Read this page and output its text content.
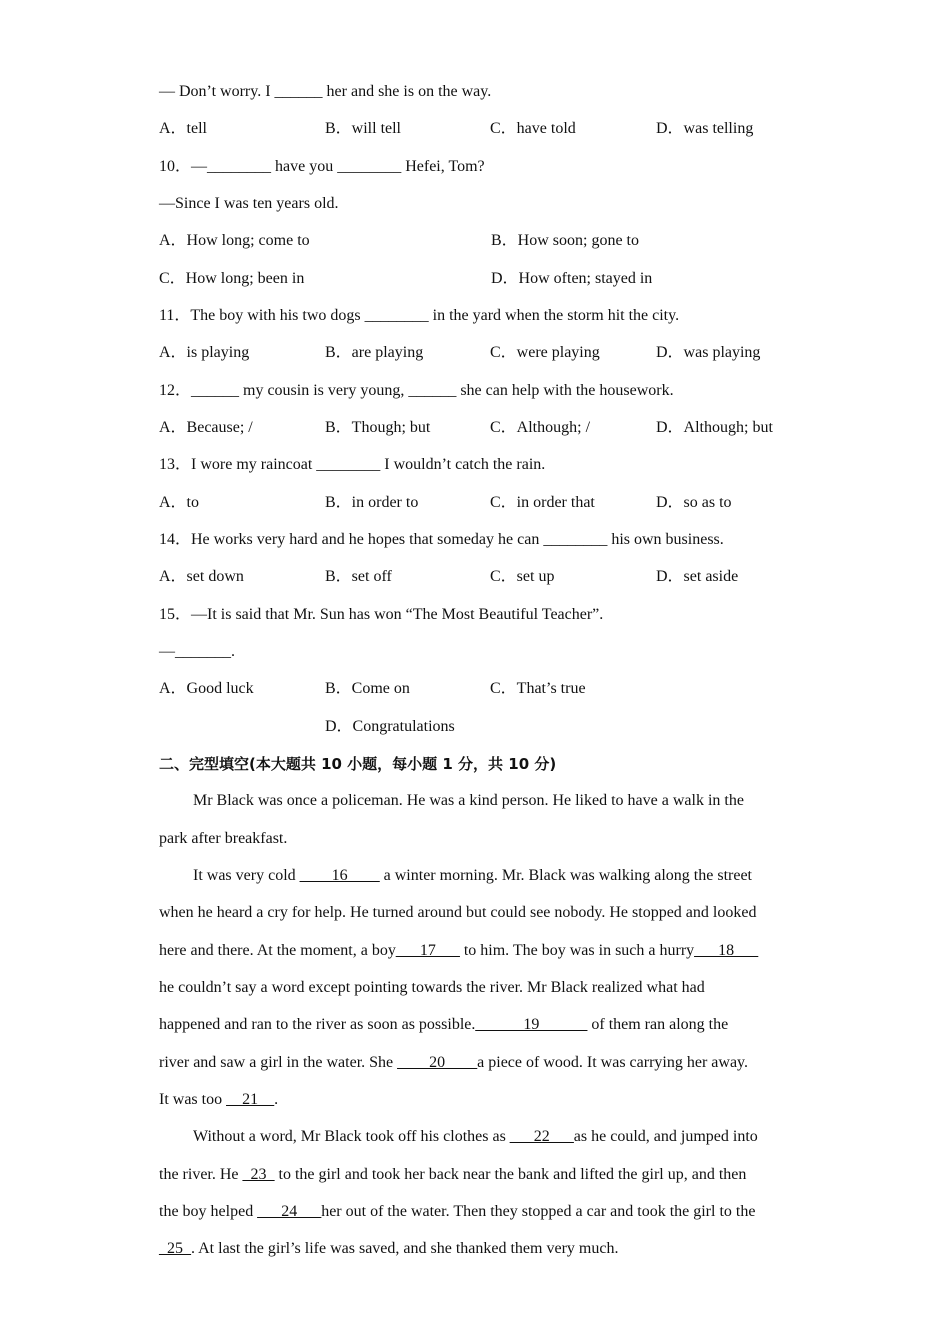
— Don’t worry. I ______ her and she is on the way.
A．tell	B．will tell	C．have told	D．was telling
10．—________ have you ________ Hefei, Tom?
—Since I was ten years old.
A．How long; come to	B．How soon; gone to
C．How long; been in	D．How often; stayed in
11．The boy with his two dogs ________ in the yard when the storm hit the city.
A．is playing	B．are playing	C．were playing	D．was playing
12．______ my cousin is very young, ______ she can help with the housework.
A．Because; /	B．Though; but	C．Although; /	D．Although; but
13．I wore my raincoat ________ I wouldn’t catch the rain.
A．to	B．in order to	C．in order that	D．so as to
14．He works very hard and he hopes that someday he can ________ his own business.
A．set down	B．set off	C．set up	D．set aside
15．—It is said that Mr. Sun has won “The Most Beautiful Teacher”.
—_______.
A．Good luck	B．Come on	C．That’s true
D．Congratulations
二、完型填空(本大题共 10 小题，每小题 1 分，共 10 分)
Mr Black was once a policeman. He was a kind person. He liked to have a walk in the
park after breakfast.
It was very cold ____16____ a winter morning. Mr. Black was walking along the street
when he heard a cry for help. He turned around but could see nobody. He stopped and looked
here and there. At the moment, a boy___17___ to him. The boy was in such a hurry___18___
he couldn’t say a word except pointing towards the river. Mr Black realized what had
happened and ran to the river as soon as possible.______19______ of them ran along the
river and saw a girl in the water. She ____20____a piece of wood. It was carrying her away.
It was too __21__.
Without a word, Mr Black took off his clothes as ___22___as he could, and jumped into
the river. He _23_ to the girl and took her back near the bank and lifted the girl up, and then
the boy helped ___24___her out of the water. Then they stopped a car and took the girl to the
_25_. At last the girl’s life was saved, and she thanked them very much.
